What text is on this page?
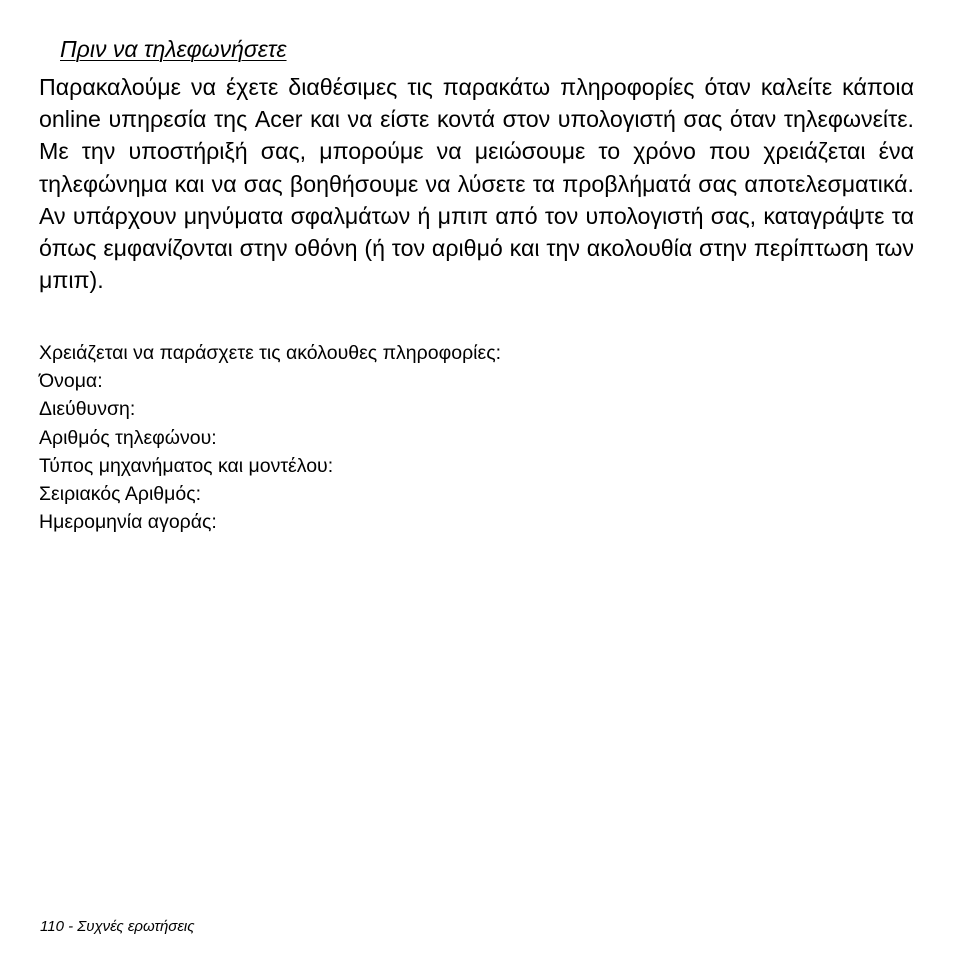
Πριν να τηλεφωνήσετε

Παρακαλούμε να έχετε διαθέσιμες τις παρακάτω πληροφορίες όταν καλείτε κάποια online υπηρεσία της Acer και να είστε κοντά στον υπολογιστή σας όταν τηλεφωνείτε. Με την υποστήριξή σας, μπορούμε να μειώσουμε το χρόνο που χρειάζεται ένα τηλεφώνημα και να σας βοηθήσουμε να λύσετε τα προβλήματά σας αποτελεσματικά. Αν υπάρχουν μηνύματα σφαλμάτων ή μπιπ από τον υπολογιστή σας, καταγράψτε τα όπως εμφανίζονται στην οθόνη (ή τον αριθμό και την ακολουθία στην περίπτωση των μπιπ).

Χρειάζεται να παράσχετε τις ακόλουθες πληροφορίες:
Όνομα:
Διεύθυνση:
Αριθμός τηλεφώνου:
Τύπος μηχανήματος και μοντέλου:
Σειριακός Αριθμός:
Ημερομηνία αγοράς:
110 - Συχνές ερωτήσεις
